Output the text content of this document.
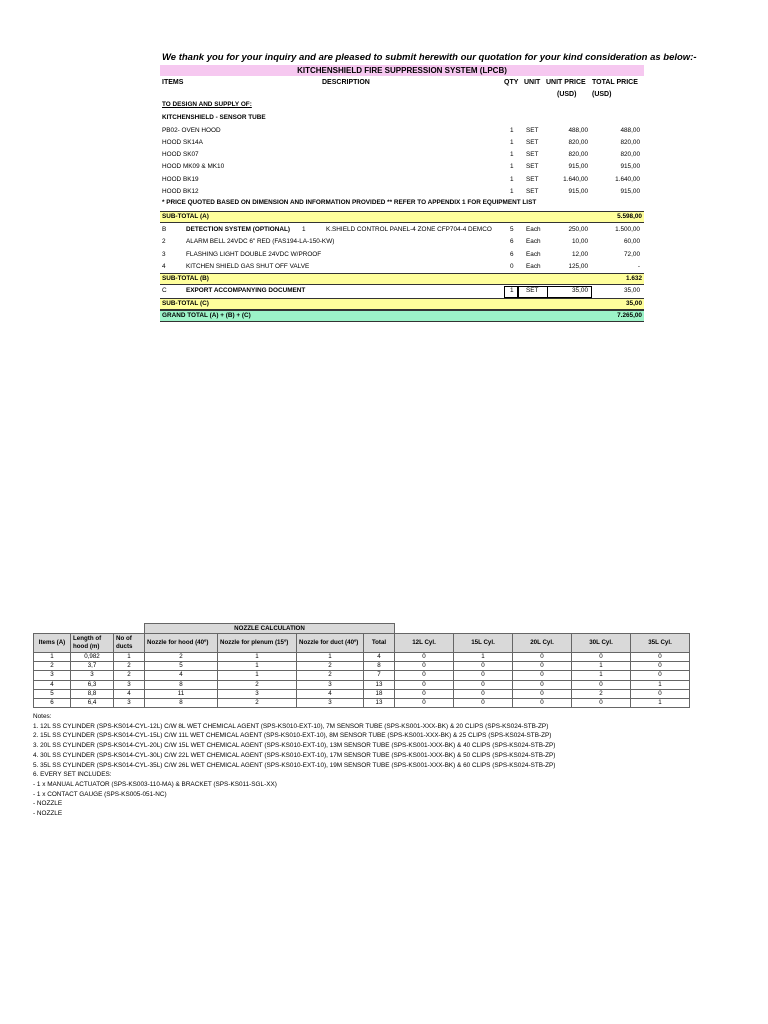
We thank you for your inquiry and are pleased to submit herewith our quotation for your kind consideration as below:-
KITCHENSHIELD FIRE SUPPRESSION SYSTEM (LPCB)
ITEMS	DESCRIPTION	QTY UNIT UNIT PRICE TOTAL PRICE
(USD) (USD)
TO DESIGN AND SUPPLY OF:
KITCHENSHIELD - SENSOR TUBE
PB02- OVEN HOOD	1 SET	488,00	488,00
HOOD SK14A	1 SET	820,00	820,00
HOOD SK07	1 SET	820,00	820,00
HOOD MK09 & MK10	1 SET	915,00	915,00
HOOD BK19	1 SET	1.640,00	1.640,00
HOOD BK12	1 SET	915,00	915,00
* PRICE QUOTED BASED ON DIMENSION AND INFORMATION PROVIDED ** REFER TO APPENDIX 1 FOR EQUIPMENT LIST
SUB-TOTAL (A)	5.598,00
B	DETECTION SYSTEM (OPTIONAL) 1	K.SHIELD CONTROL PANEL-4 ZONE CFP704-4 DEMCO	5 Each	250,00	1.500,00
2	ALARM BELL 24VDC 6" RED (FAS194-LA-150-KW)	6 Each	10,00	60,00
3	FLASHING LIGHT DOUBLE 24VDC W/PROOF	6 Each	12,00	72,00
4	KITCHEN SHIELD GAS SHUT OFF VALVE	0 Each	125,00	-
SUB-TOTAL (B)	1.632
C	EXPORT ACCOMPANYING DOCUMENT	1 SET	35,00	35,00
SUB-TOTAL (C)	35,00
GRAND TOTAL (A) + (B) + (C)	7.265,00
			NOZZLE CALCULATION								
Items (A)	Length of hood (m)	No of ducts	Nozzle for hood (40º)	Nozzle for plenum (15º)	Nozzle for duct (40º)	Total	12L Cyl.	15L Cyl.	20L Cyl.	30L Cyl.	35L Cyl.
1	0,982	1	2	1	1	4	0	1	0	0	0
2	3,7	2	5	1	2	8	0	0	0	1	0
3	3	2	4	1	2	7	0	0	0	1	0
4	6,3	3	8	2	3	13	0	0	0	0	1
5	8,8	4	11	3	4	18	0	0	0	2	0
6	6,4	3	8	2	3	13	0	0	0	0	1
Notes:
1. 12L SS CYLINDER (SPS-KS014-CYL-12L) C/W 8L WET CHEMICAL AGENT (SPS-KS010-EXT-10), 7M SENSOR TUBE (SPS-KS001-XXX-BK) & 20 CLIPS (SPS-KS024-STB-ZP)
2. 15L SS CYLINDER (SPS-KS014-CYL-15L) C/W 11L WET CHEMICAL AGENT (SPS-KS010-EXT-10), 8M SENSOR TUBE (SPS-KS001-XXX-BK) & 25 CLIPS (SPS-KS024-STB-ZP)
3. 20L SS CYLINDER (SPS-KS014-CYL-20L) C/W 15L WET CHEMICAL AGENT (SPS-KS010-EXT-10), 13M SENSOR TUBE (SPS-KS001-XXX-BK) & 40 CLIPS (SPS-KS024-STB-ZP)
4. 30L SS CYLINDER (SPS-KS014-CYL-30L) C/W 22L WET CHEMICAL AGENT (SPS-KS010-EXT-10), 17M SENSOR TUBE (SPS-KS001-XXX-BK) & 50 CLIPS (SPS-KS024-STB-ZP)
5. 35L SS CYLINDER (SPS-KS014-CYL-35L) C/W 26L WET CHEMICAL AGENT (SPS-KS010-EXT-10), 19M SENSOR TUBE (SPS-KS001-XXX-BK) & 60 CLIPS (SPS-KS024-STB-ZP)
6. EVERY SET INCLUDES:
- 1 x MANUAL ACTUATOR (SPS-KS003-110-MA) & BRACKET (SPS-KS011-SGL-XX)
- 1 x CONTACT GAUGE (SPS-KS005-051-NC)
- NOZZLE
- NOZZLE
